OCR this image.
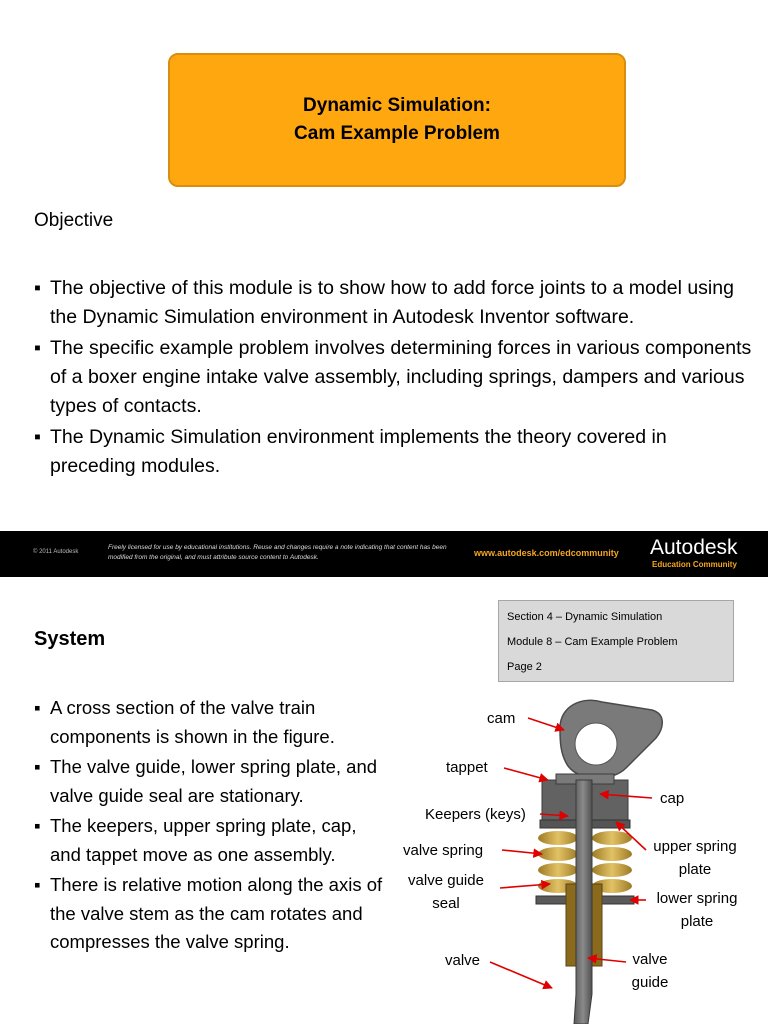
Dynamic Simulation:
Cam Example Problem
Objective
▪ The objective of this module is to show how to add force joints to a model using the Dynamic Simulation environment in Autodesk Inventor software.
▪ The specific example problem involves determining forces in various components of a boxer engine intake valve assembly, including springs, dampers and various types of contacts.
▪ The Dynamic Simulation environment implements the theory covered in preceding modules.
© 2011 Autodesk
Freely licensed for use by educational institutions. Reuse and changes require a note indicating that content has been modified from the original, and must attribute source content to Autodesk.	www.autodesk.com/edcommunity Autodesk
Education Community
Section 4 – Dynamic Simulation
Module 8 – Cam Example Problem
Page 2
System
▪ A cross section of the valve train components is shown in the figure.
▪ The valve guide, lower spring plate, and valve guide seal are stationary.
▪ The keepers, upper spring plate, cap, and tappet move as one assembly.
▪ There is relative motion along the axis of the valve stem as the cam rotates and compresses the valve spring.
cam
tappet
Keepers (keys)
valve spring
valve guide
seal
valve
cap
upper spring
plate
lower spring
plate
valve
guide
